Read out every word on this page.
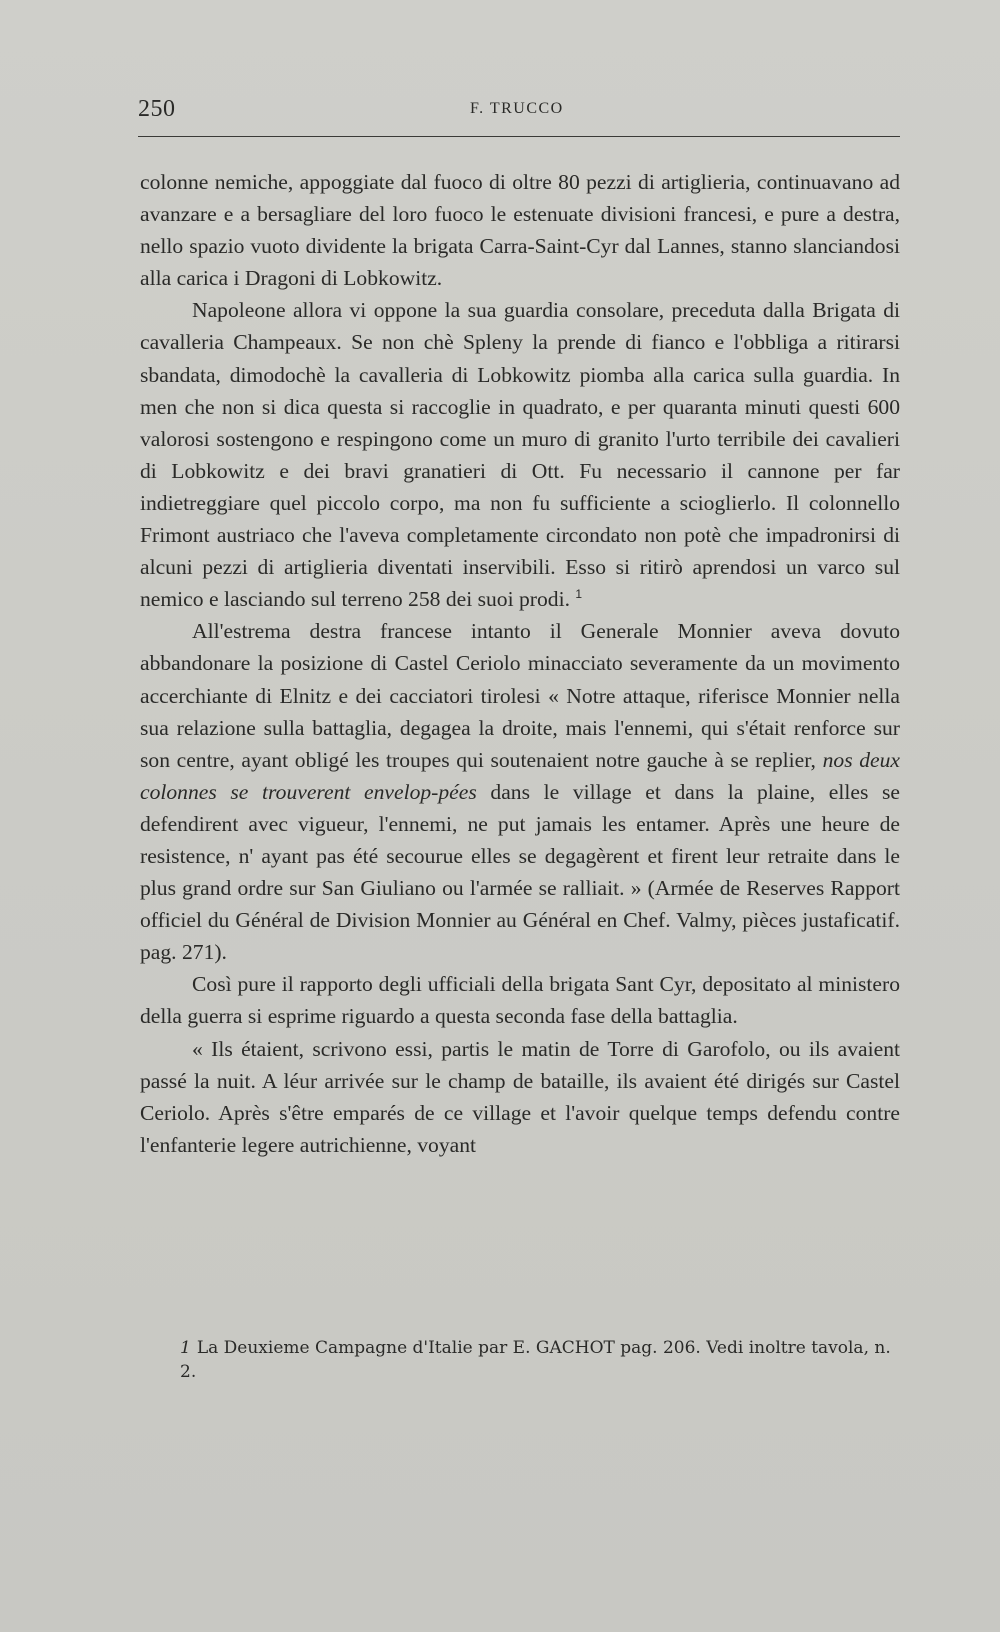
250	F. TRUCCO

colonne nemiche, appoggiate dal fuoco di oltre 80 pezzi di artiglieria, continuavano ad avanzare e a bersagliare del loro fuoco le estenuate divisioni francesi, e pure a destra, nello spazio vuoto dividente la brigata Carra-Saint-Cyr dal Lannes, stanno slanciandosi alla carica i Dragoni di Lobkowitz.

Napoleone allora vi oppone la sua guardia consolare, preceduta dalla Brigata di cavalleria Champeaux. Se non chè Spleny la prende di fianco e l'obbliga a ritirarsi sbandata, dimodochè la cavalleria di Lobkowitz piomba alla carica sulla guardia. In men che non si dica questa si raccoglie in quadrato, e per quaranta minuti questi 600 valorosi sostengono e respingono come un muro di granito l'urto terribile dei cavalieri di Lobkowitz e dei bravi granatieri di Ott. Fu necessario il cannone per far indietreggiare quel piccolo corpo, ma non fu sufficiente a scioglierlo. Il colonnello Frimont austriaco che l'aveva completamente circondato non potè che impadronirsi di alcuni pezzi di artiglieria diventati inservibili. Esso si ritirò aprendosi un varco sul nemico e lasciando sul terreno 258 dei suoi prodi. $^1$

All'estrema destra francese intanto il Generale Monnier aveva dovuto abbandonare la posizione di Castel Ceriolo minacciato severamente da un movimento accerchiante di Elnitz e dei cacciatori tirolesi « Notre attaque, riferisce Monnier nella sua relazione sulla battaglia, degagea la droite, mais l'ennemi, qui s'était renforce sur son centre, ayant obligé les troupes qui soutenaient notre gauche à se replier, nos deux colonnes se trouverent envelop-pées dans le village et dans la plaine, elles se defendirent avec vigueur, l'ennemi, ne put jamais les entamer. Après une heure de resistence, n' ayant pas été secourue elles se degagèrent et firent leur retraite dans le plus grand ordre sur San Giuliano ou l'armée se ralliait. » (Armée de Reserves Rapport officiel du Général de Division Monnier au Général en Chef. Valmy, pièces justaficatif. pag. 271).

Così pure il rapporto degli ufficiali della brigata Sant Cyr, depositato al ministero della guerra si esprime riguardo a questa seconda fase della battaglia.

« Ils étaient, scrivono essi, partis le matin de Torre di Garofolo, ou ils avaient passé la nuit. A léur arrivée sur le champ de bataille, ils avaient été dirigés sur Castel Ceriolo. Après s'être emparés de ce village et l'avoir quelque temps defendu contre l'enfanterie legere autrichienne, voyant

1 La Deuxieme Campagne d'Italie par E. GACHOT pag. 206. Vedi inoltre tavola, n. 2.
